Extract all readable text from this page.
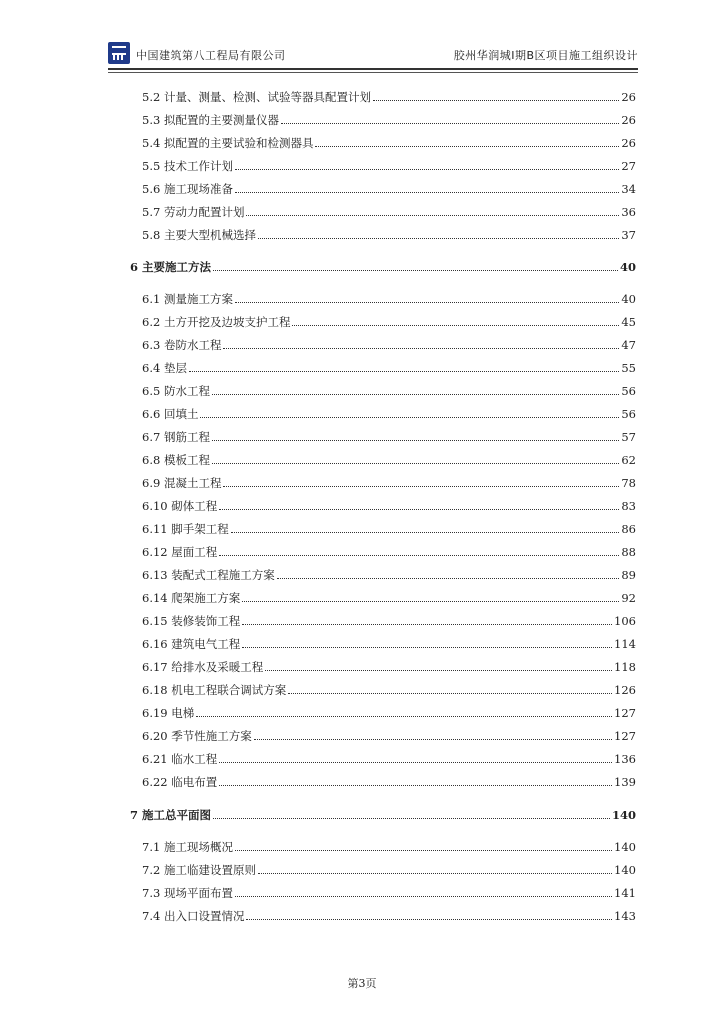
中国建筑第八工程局有限公司	胶州华润城Ⅰ期B区项目施工组织设计
5.2 计量、测量、检测、试验等器具配置计划	26
5.3 拟配置的主要测量仪器	26
5.4 拟配置的主要试验和检测器具	26
5.5 技术工作计划	27
5.6 施工现场准备	34
5.7 劳动力配置计划	36
5.8 主要大型机械选择	37
6 主要施工方法	40
6.1 测量施工方案	40
6.2 土方开挖及边坡支护工程	45
6.3 卷防水工程	47
6.4 垫层	55
6.5 防水工程	56
6.6 回填土	56
6.7 钢筋工程	57
6.8 模板工程	62
6.9 混凝土工程	78
6.10 砌体工程	83
6.11 脚手架工程	86
6.12 屋面工程	88
6.13 装配式工程施工方案	89
6.14 爬架施工方案	92
6.15 装修装饰工程	106
6.16 建筑电气工程	114
6.17 给排水及采暖工程	118
6.18 机电工程联合调试方案	126
6.19 电梯	127
6.20 季节性施工方案	127
6.21 临水工程	136
6.22 临电布置	139
7 施工总平面图	140
7.1 施工现场概况	140
7.2 施工临建设置原则	140
7.3 现场平面布置	141
7.4 出入口设置情况	143
第3页
